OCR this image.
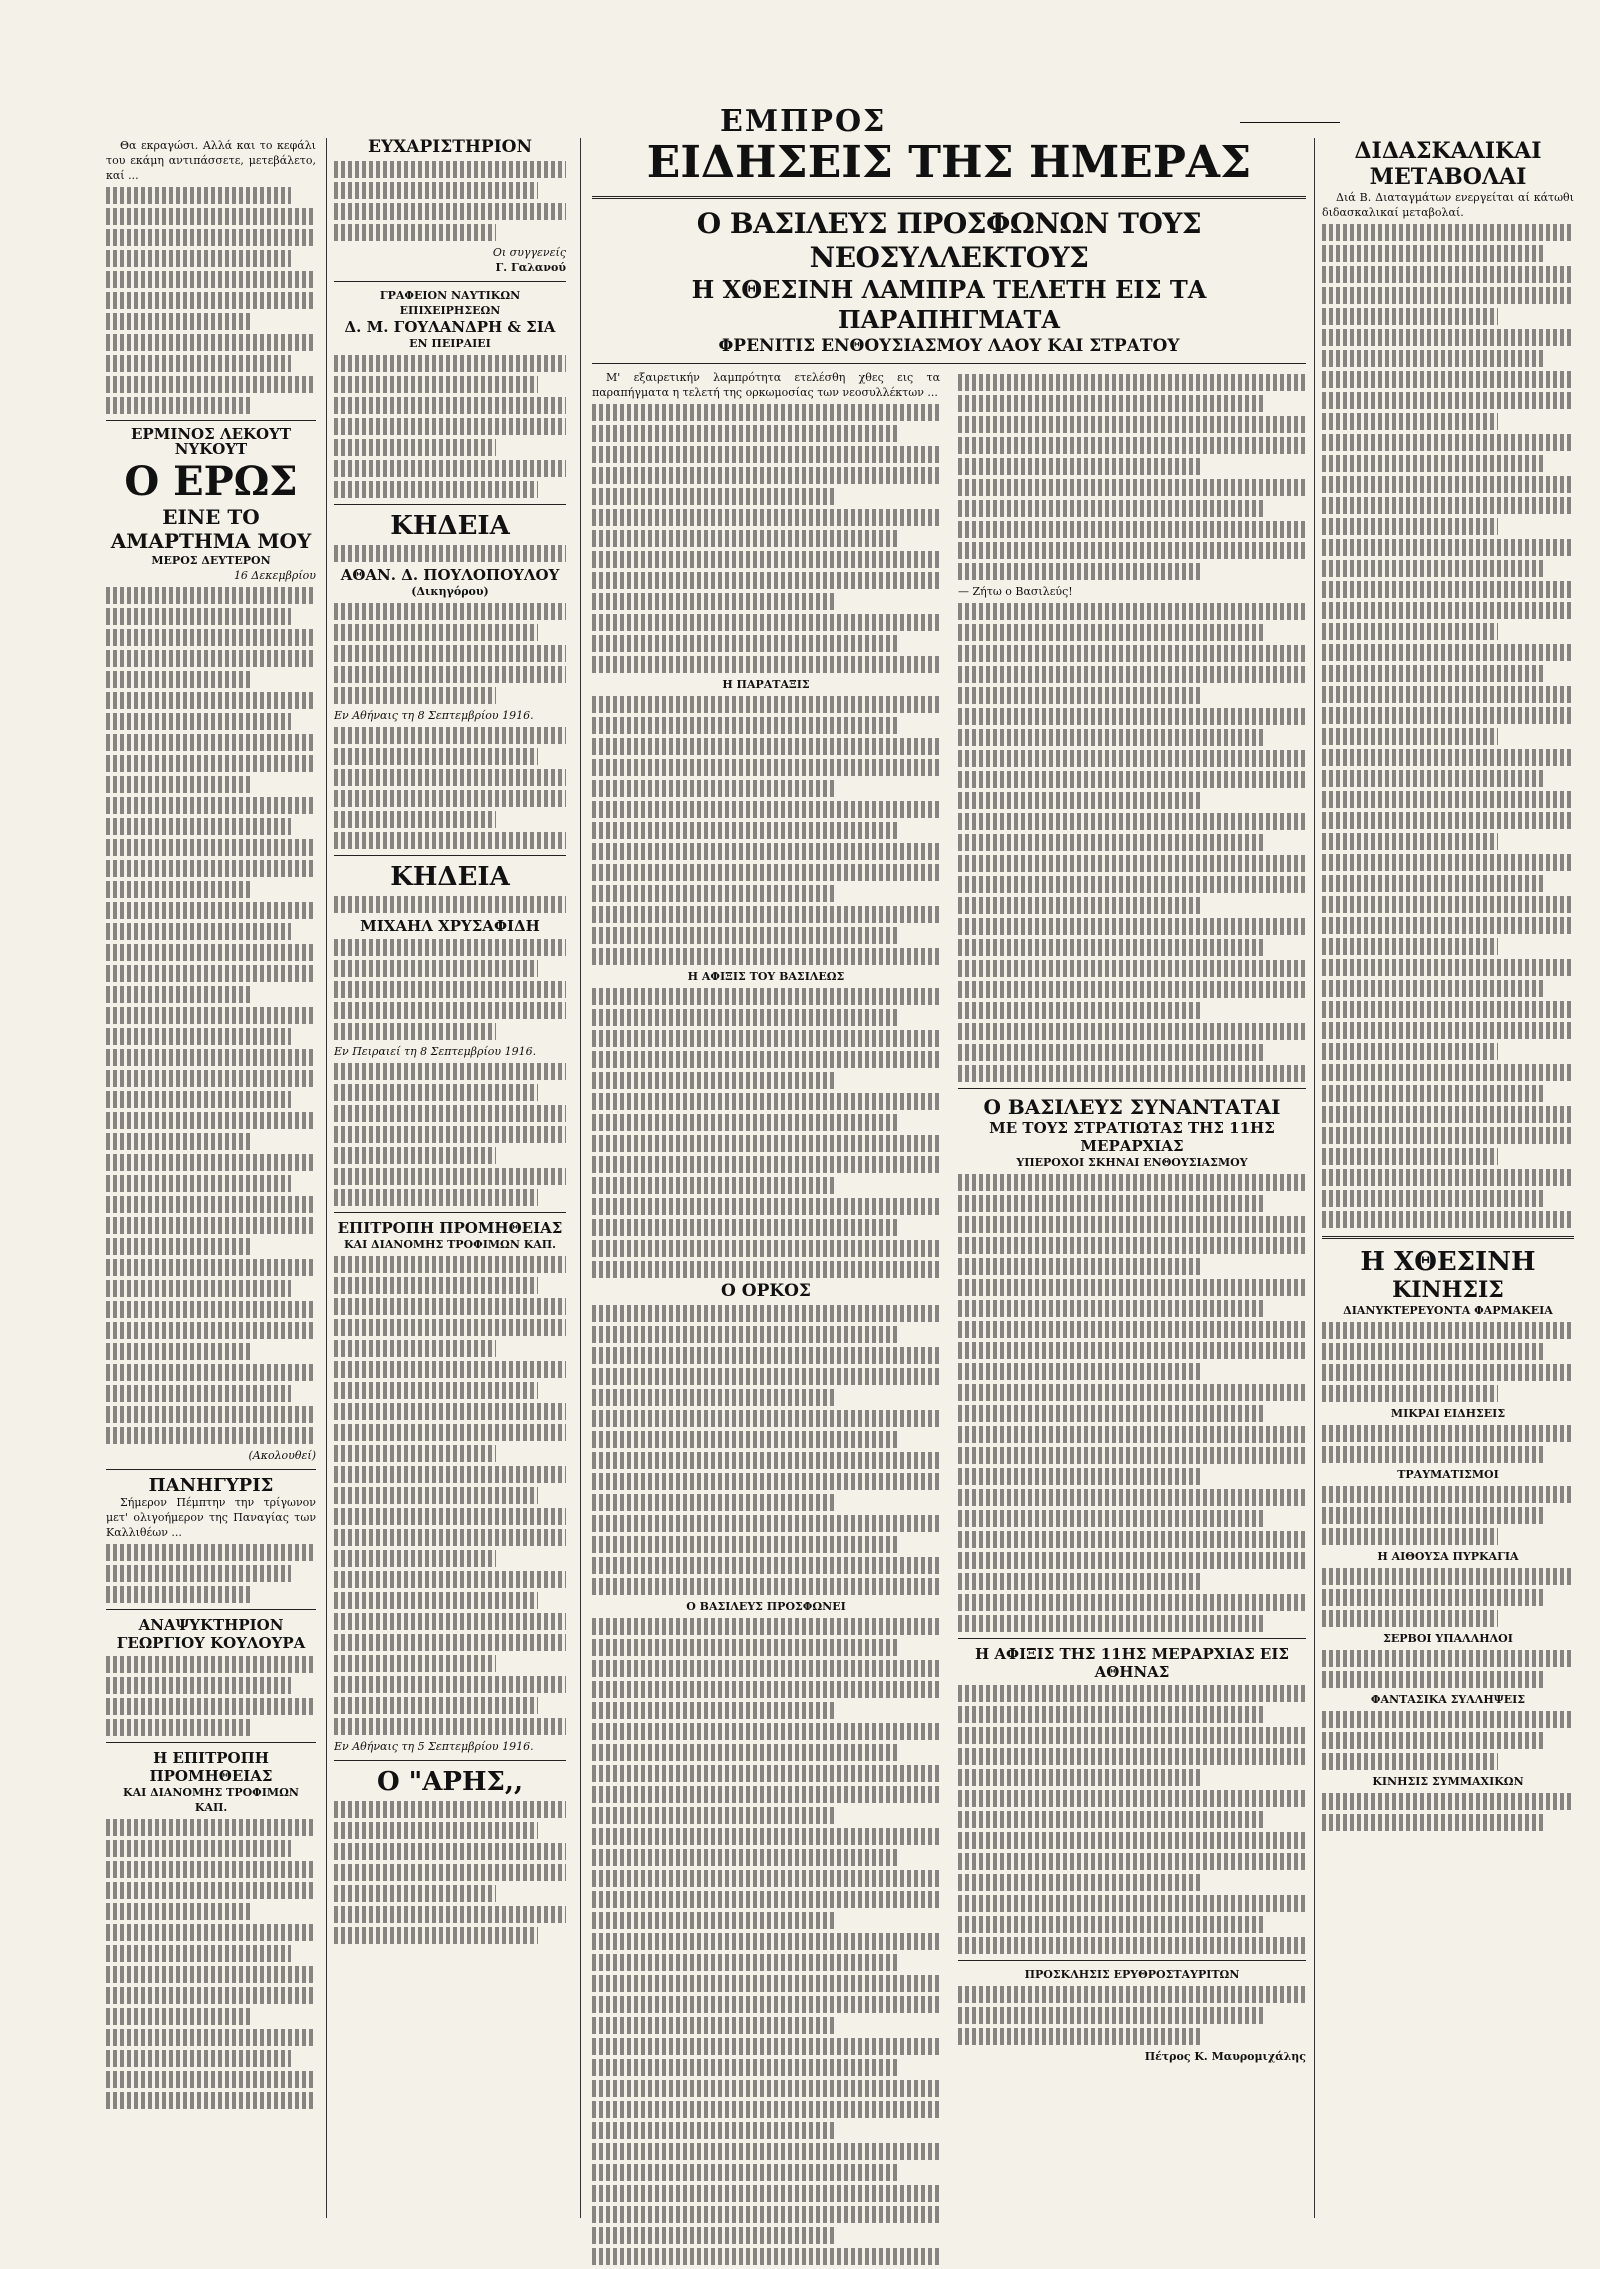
ΕΜΠΡΟΣ

Θα εκραγώσι. Αλλά και το κεφάλι του εκάμη αντιπάσσετε, μετεβάλετο, καί ...

ΕΡΜΙΝΟΣ ΛΕΚΟΥΤ ΝΥΚΟΥΤ
Ο ΕΡΩΣ
ΕΙΝΕ ΤΟ ΑΜΑΡΤΗΜΑ ΜΟΥ
ΜΕΡΟΣ ΔΕΥΤΕΡΟΝ
16 Δεκεμβρίου
(Ακολουθεί)
ΠΑΝΗΓΥΡΙΣ

Σήμερον Πέμπτην την τρίγωνον μετ' ολιγοήμερον της Παναγίας των Καλλιθέων ...

ΑΝΑΨΥΚΤΗΡΙΟΝ
ΓΕΩΡΓΙΟΥ ΚΟΥΛΟΥΡΑ
Η ΕΠΙΤΡΟΠΗ ΠΡΟΜΗΘΕΙΑΣ
ΚΑΙ ΔΙΑΝΟΜΗΣ ΤΡΟΦΙΜΩΝ ΚΑΠ.
ΕΥΧΑΡΙΣΤΗΡΙΟΝ
Οι συγγενείς
Γ. Γαλανού
ΓΡΑΦΕΙΟΝ ΝΑΥΤΙΚΩΝ ΕΠΙΧΕΙΡΗΣΕΩΝ
Δ. Μ. ΓΟΥΛΑΝΔΡΗ & ΣΙΑ
ΕΝ ΠΕΙΡΑΙΕΙ
ΚΗΔΕΙΑ
ΑΘΑΝ. Δ. ΠΟΥΛΟΠΟΥΛΟΥ
(Δικηγόρου)
Εν Αθήναις τη 8 Σεπτεμβρίου 1916.
ΚΗΔΕΙΑ
ΜΙΧΑΗΛ ΧΡΥΣΑΦΙΔΗ
Εν Πειραιεί τη 8 Σεπτεμβρίου 1916.
ΕΠΙΤΡΟΠΗ ΠΡΟΜΗΘΕΙΑΣ
ΚΑΙ ΔΙΑΝΟΜΗΣ ΤΡΟΦΙΜΩΝ ΚΑΠ.
Εν Αθήναις τη 5 Σεπτεμβρίου 1916.
Ο "ΑΡΗΣ,,
ΕΙΔΗΣΕΙΣ ΤΗΣ ΗΜΕΡΑΣ
Ο ΒΑΣΙΛΕΥΣ ΠΡΟΣΦΩΝΩΝ ΤΟΥΣ ΝΕΟΣΥΛΛΕΚΤΟΥΣ
Η ΧΘΕΣΙΝΗ ΛΑΜΠΡΑ ΤΕΛΕΤΗ ΕΙΣ ΤΑ ΠΑΡΑΠΗΓΜΑΤΑ
ΦΡΕΝΙΤΙΣ ΕΝΘΟΥΣΙΑΣΜΟΥ ΛΑΟΥ ΚΑΙ ΣΤΡΑΤΟΥ

Μ' εξαιρετικήν λαμπρότητα ετελέσθη χθες εις τα παραπήγματα η τελετή της ορκωμοσίας των νεοσυλλέκτων ...

Η ΠΑΡΑΤΑΞΙΣ
Η ΑΦΙΞΙΣ ΤΟΥ ΒΑΣΙΛΕΩΣ
Ο ΟΡΚΟΣ
Ο ΒΑΣΙΛΕΥΣ ΠΡΟΣΦΩΝΕΙ
— Ζήτω ο Βασιλεύς!
Ο ΒΑΣΙΛΕΥΣ ΣΥΝΑΝΤΑΤΑΙ
ΜΕ ΤΟΥΣ ΣΤΡΑΤΙΩΤΑΣ ΤΗΣ 11ΗΣ ΜΕΡΑΡΧΙΑΣ
ΥΠΕΡΟΧΟΙ ΣΚΗΝΑΙ ΕΝΘΟΥΣΙΑΣΜΟΥ
Η ΑΦΙΞΙΣ ΤΗΣ 11ΗΣ ΜΕΡΑΡΧΙΑΣ ΕΙΣ ΑΘΗΝΑΣ
ΠΡΟΣΚΛΗΣΙΣ ΕΡΥΘΡΟΣΤΑΥΡΙΤΩΝ
Πέτρος Κ. Μαυρομιχάλης
ΔΙΔΑΣΚΑΛΙΚΑΙ
ΜΕΤΑΒΟΛΑΙ

Διά Β. Διαταγμάτων ενεργείται αί κάτωθι διδασκαλικαί μεταβολαί.

Η ΧΘΕΣΙΝΗ
ΚΙΝΗΣΙΣ
ΔΙΑΝΥΚΤΕΡΕΥΟΝΤΑ ΦΑΡΜΑΚΕΙΑ
ΜΙΚΡΑΙ ΕΙΔΗΣΕΙΣ
ΤΡΑΥΜΑΤΙΣΜΟΙ
Η ΑΙΘΟΥΣΑ ΠΥΡΚΑΓΙΑ
ΣΕΡΒΟΙ ΥΠΑΛΛΗΛΟΙ
ΦΑΝΤΑΣΙΚΑ ΣΥΛΛΗΨΕΙΣ
ΚΙΝΗΣΙΣ ΣΥΜΜΑΧΙΚΩΝ
